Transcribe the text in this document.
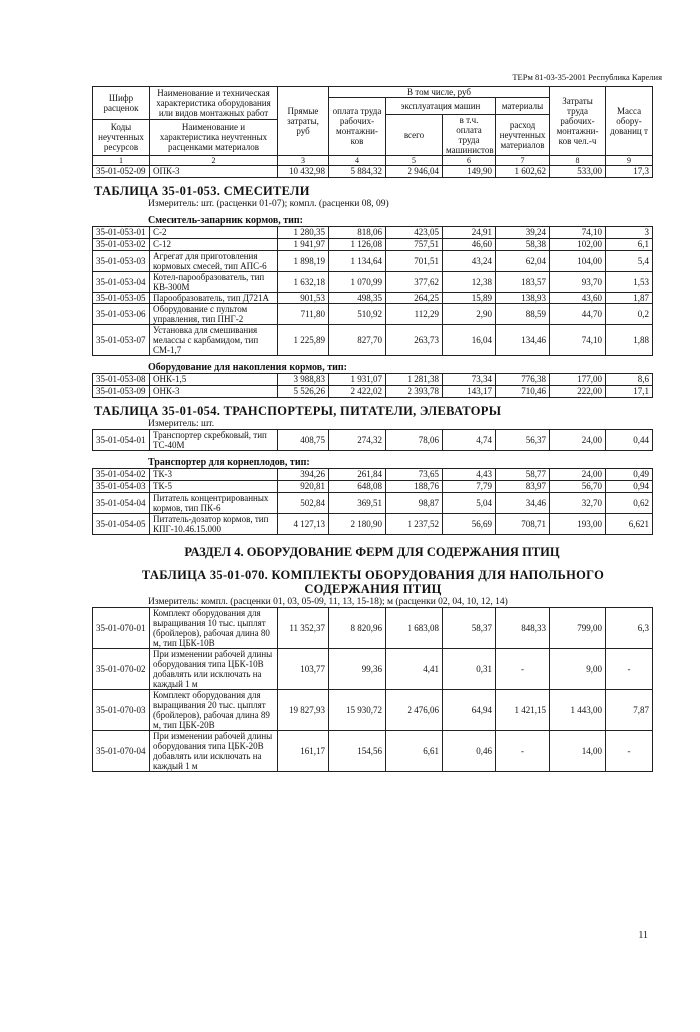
ТЕРм 81-03-35-2001 Республика Карелия
Шифр расценок	Наименование и техническая характеристика оборудования или видов монтажных работ	Прямые затраты, руб	В том числе, руб				Затраты труда рабочих-монтажни-ков чел.-ч	Масса обору-дованиц т
			оплата труда рабочих-монтажни-ков	эксплуатация машин		материалы		
				всего	в т.ч. оплата труда машинистов	расход неучтенных материалов		
Коды неучтенных ресурсов	Наименование и характеристика неучтенных расценками материалов							

1	2	3	4	5	6	7	8	9
35-01-052-09	ОПК-3	10 432,98	5 884,32	2 946,04	149,90	1 602,62	533,00	17,3
ТАБЛИЦА 35-01-053. СМЕСИТЕЛИ
Измеритель: шт. (расценки 01-07); компл. (расценки 08, 09)
Смеситель-запарник кормов, тип:
35-01-053-01	С-2	1 280,35	818,06	423,05	24,91	39,24	74,10	3
35-01-053-02	С-12	1 941,97	1 126,08	757,51	46,60	58,38	102,00	6,1
35-01-053-03	Агрегат для приготовления кормовых смесей, тип АПС-6	1 898,19	1 134,64	701,51	43,24	62,04	104,00	5,4
35-01-053-04	Котел-парообразователь, тип КВ-300М	1 632,18	1 070,99	377,62	12,38	183,57	93,70	1,53
35-01-053-05	Парообразователь, тип Д721А	901,53	498,35	264,25	15,89	138,93	43,60	1,87
35-01-053-06	Оборудование с пультом управления, тип ПНГ-2	711,80	510,92	112,29	2,90	88,59	44,70	0,2
35-01-053-07	Установка для смешивания мелассы с карбамидом, тип СМ-1,7	1 225,89	827,70	263,73	16,04	134,46	74,10	1,88
Оборудование для накопления кормов, тип:
35-01-053-08	ОНК-1,5	3 988,83	1 931,07	1 281,38	73,34	776,38	177,00	8,6
35-01-053-09	ОНК-3	5 526,26	2 422,02	2 393,78	143,17	710,46	222,00	17,1
ТАБЛИЦА 35-01-054. ТРАНСПОРТЕРЫ, ПИТАТЕЛИ, ЭЛЕВАТОРЫ
Измеритель: шт.
35-01-054-01	Транспортер скребковый, тип ТС-40М	408,75	274,32	78,06	4,74	56,37	24,00	0,44
Транспортер для корнеплодов, тип:
35-01-054-02	ТК-3	394,26	261,84	73,65	4,43	58,77	24,00	0,49
35-01-054-03	ТК-5	920,81	648,08	188,76	7,79	83,97	56,70	0,94
35-01-054-04	Питатель концентрированных кормов, тип ПК-6	502,84	369,51	98,87	5,04	34,46	32,70	0,62
35-01-054-05	Питатель-дозатор кормов, тип КПГ-10.46.15.000	4 127,13	2 180,90	1 237,52	56,69	708,71	193,00	6,621
РАЗДЕЛ 4. ОБОРУДОВАНИЕ ФЕРМ ДЛЯ СОДЕРЖАНИЯ ПТИЦ
ТАБЛИЦА 35-01-070. КОМПЛЕКТЫ ОБОРУДОВАНИЯ ДЛЯ НАПОЛЬНОГО СОДЕРЖАНИЯ ПТИЦ
Измеритель: компл. (расценки 01, 03, 05-09, 11, 13, 15-18); м (расценки 02, 04, 10, 12, 14)
35-01-070-01	Комплект оборудования для выращивания 10 тыс. цыплят (бройлеров), рабочая длина 80 м, тип ЦБК-10В	11 352,37	8 820,96	1 683,08	58,37	848,33	799,00	6,3
35-01-070-02	При изменении рабочей длины оборудования типа ЦБК-10В добавлять или исключать на каждый 1 м	103,77	99,36	4,41	0,31	-	9,00	-
35-01-070-03	Комплект оборудования для выращивания 20 тыс. цыплят (бройлеров), рабочая длина 89 м, тип ЦБК-20В	19 827,93	15 930,72	2 476,06	64,94	1 421,15	1 443,00	7,87
35-01-070-04	При изменении рабочей длины оборудования типа ЦБК-20В добавлять или исключать на каждый 1 м	161,17	154,56	6,61	0,46	-	14,00	-
11
